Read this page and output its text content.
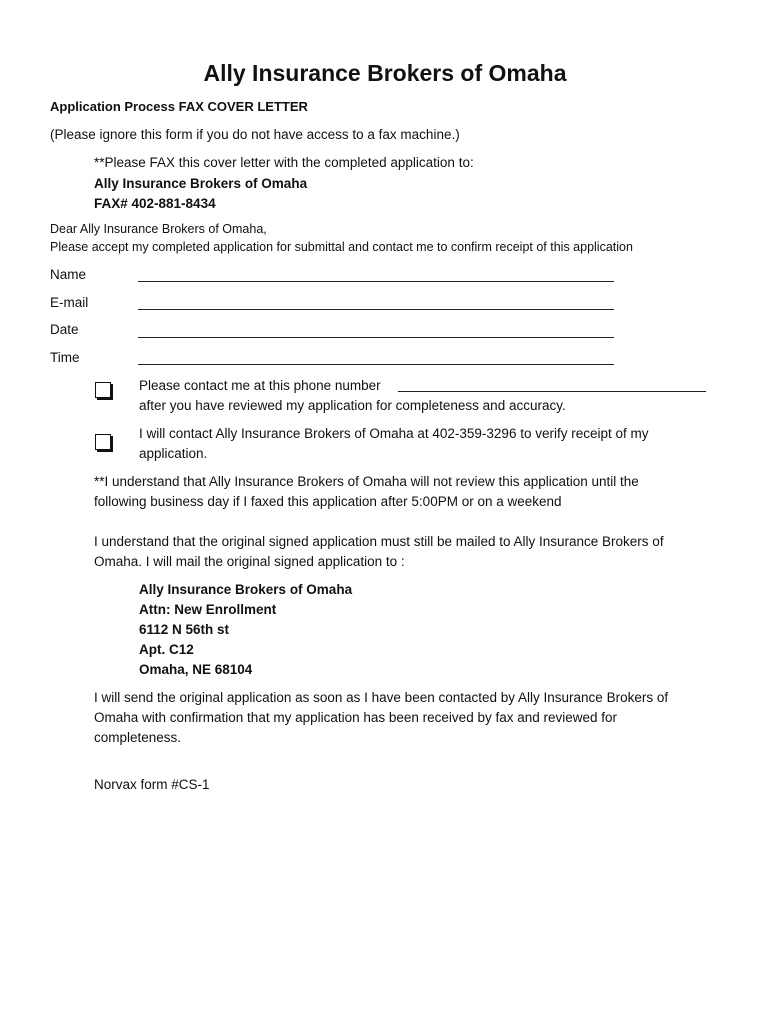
Ally Insurance Brokers of Omaha
Application Process FAX COVER LETTER
(Please ignore this form if you do not have access to a fax machine.)
**Please FAX this cover letter with the completed application to:
Ally Insurance Brokers of Omaha
FAX# 402-881-8434
Dear Ally Insurance Brokers of Omaha,
Please accept my completed application for submittal and contact me to confirm receipt of this application
Name
E-mail
Date
Time
Please contact me at this phone number
after you have reviewed my application for completeness and accuracy.
I will contact Ally Insurance Brokers of Omaha at 402-359-3296 to verify receipt of my
application.
**I understand that Ally Insurance Brokers of Omaha will not review this application until the
following business day if I faxed this application after 5:00PM or on a weekend
I understand that the original signed application must still be mailed to Ally Insurance Brokers of
Omaha. I will mail the original signed application to :
Ally Insurance Brokers of Omaha
Attn: New Enrollment
6112 N 56th st
Apt. C12
Omaha, NE 68104
I will send the original application as soon as I have been contacted by Ally Insurance Brokers of
Omaha with confirmation that my application has been received by fax and reviewed for
completeness.
Norvax form #CS-1
